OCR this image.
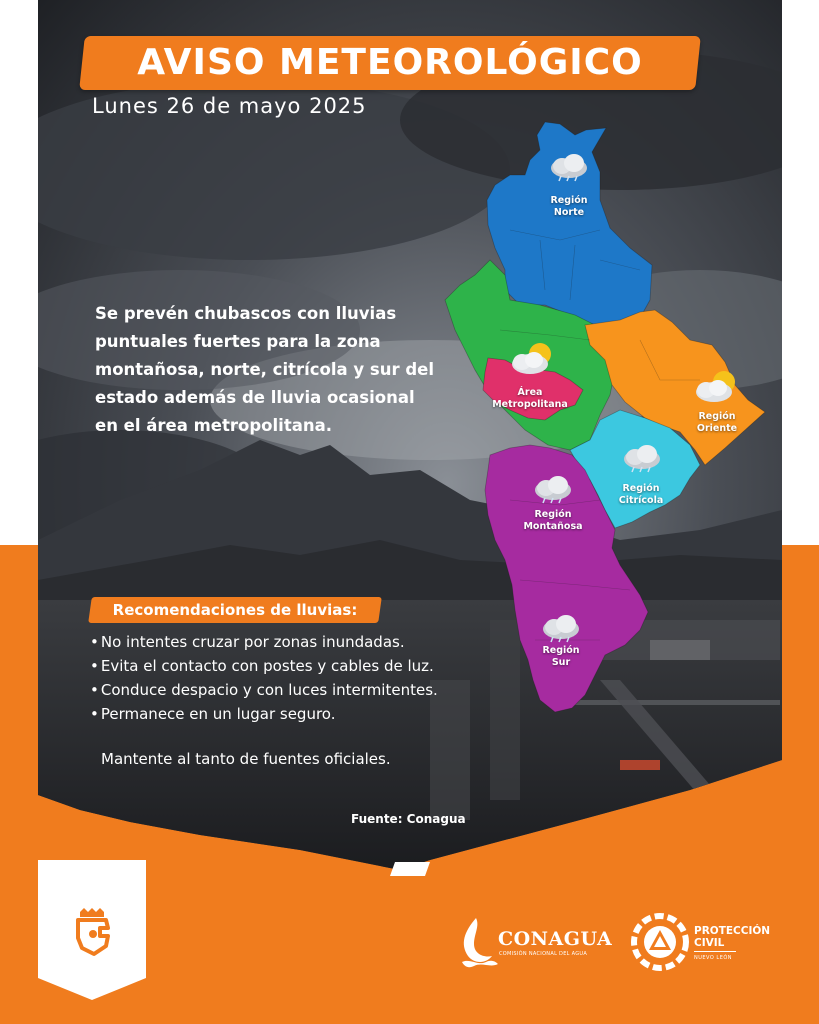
AVISO METEOROLÓGICO
Lunes 26 de mayo 2025
Se prevén chubascos con lluvias puntuales fuertes para la zona montañosa, norte, citrícola y sur del estado además de lluvia ocasional en el área metropolitana.
Región
Norte
Área
Metropolitana
Región
Oriente
Región
Citrícola
Región
Montañosa
Región
Sur
Recomendaciones de lluvias:
• No intentes cruzar por zonas inundadas.
• Evita el contacto con postes y cables de luz.
• Conduce despacio y con luces intermitentes.
• Permanece en un lugar seguro.
Mantente al tanto de fuentes oficiales.
Fuente: Conagua
CONAGUA
COMISIÓN NACIONAL DEL AGUA
PROTECCIÓN
CIVIL
NUEVO LEÓN
